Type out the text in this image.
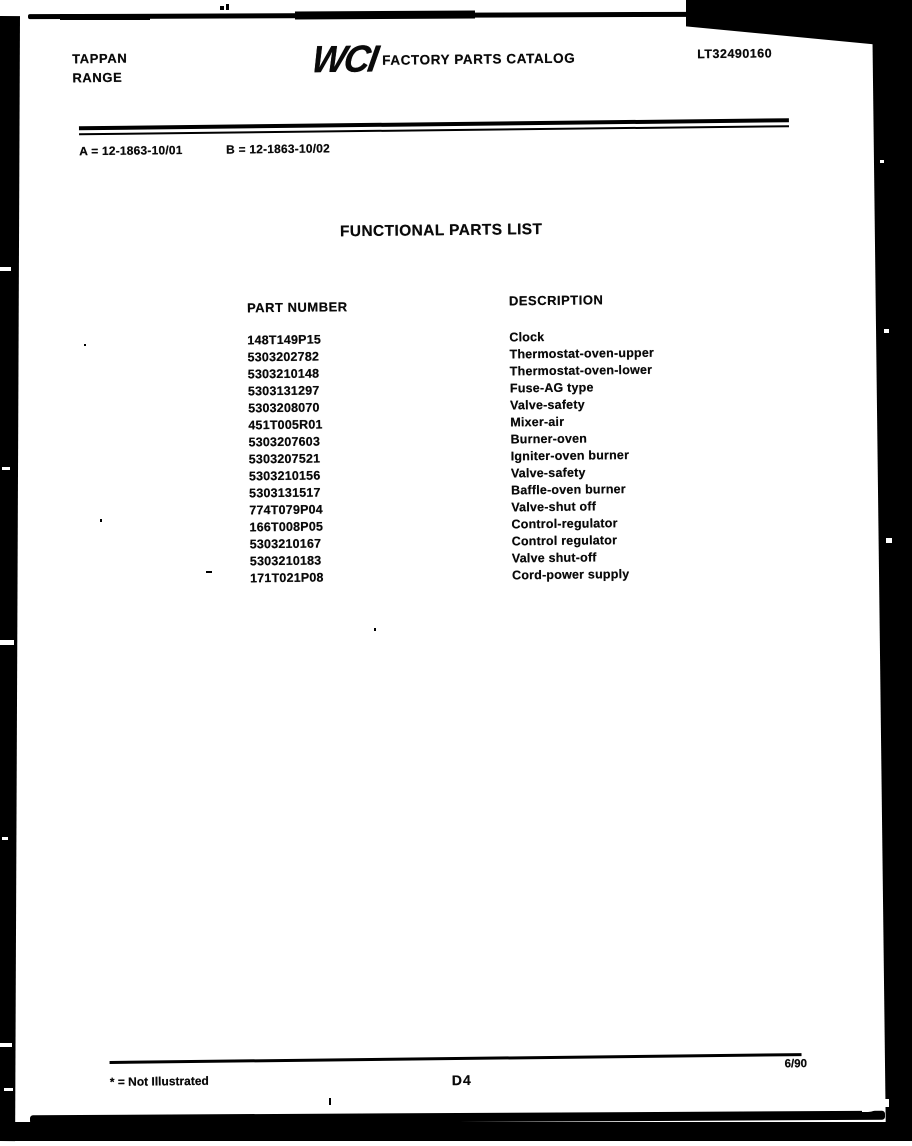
TAPPAN
RANGE	WCI FACTORY PARTS CATALOG	LT32490160
A = 12-1863-10/01	B = 12-1863-10/02
FUNCTIONAL PARTS LIST
PART NUMBER	DESCRIPTION
148T149P15	Clock
5303202782	Thermostat-oven-upper
5303210148	Thermostat-oven-lower
5303131297	Fuse-AG type
5303208070	Valve-safety
451T005R01	Mixer-air
5303207603	Burner-oven
5303207521	Igniter-oven burner
5303210156	Valve-safety
5303131517	Baffle-oven burner
774T079P04	Valve-shut off
166T008P05	Control-regulator
5303210167	Control regulator
5303210183	Valve shut-off
171T021P08	Cord-power supply
* = Not Illustrated	D4
6/90
